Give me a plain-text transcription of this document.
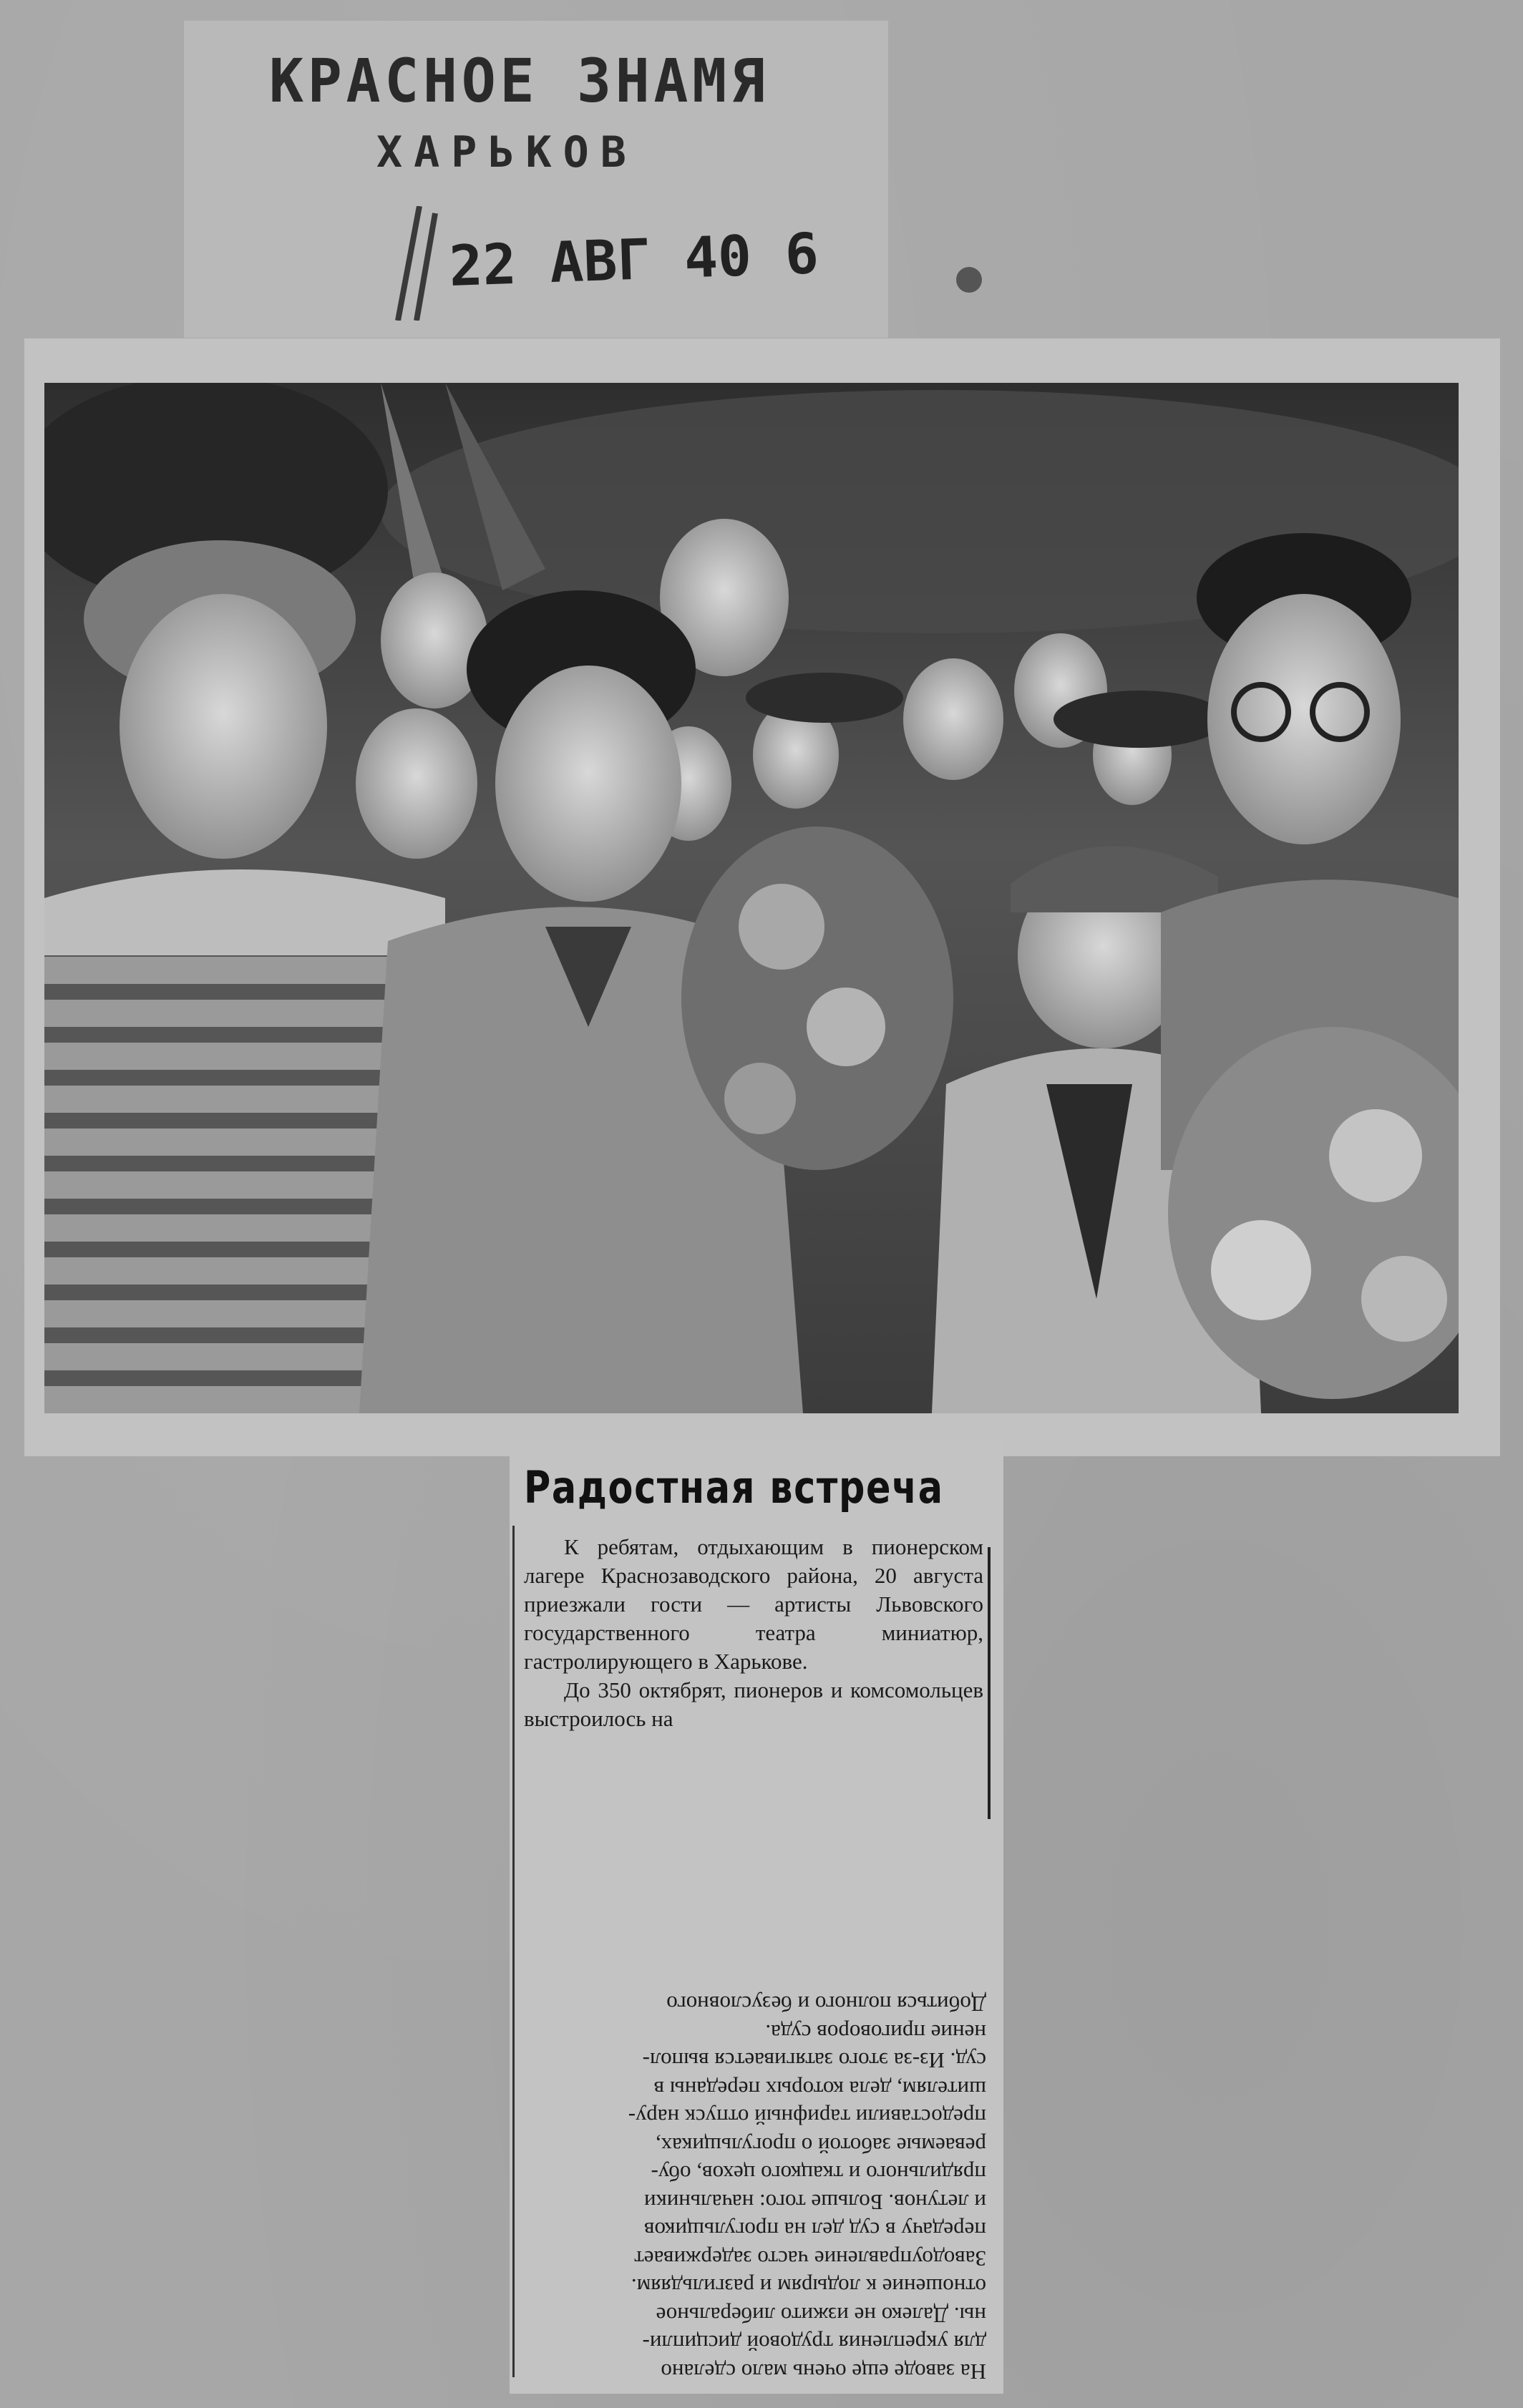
КРАСНОЕ ЗНАМЯ
ХАРЬКОВ
22 АВГ 40 6
Радостная встреча

К ребятам, отдыхающим в пионерском лагере Краснозаводского района, 20 августа приезжали гости — артисты Львовского государственного театра миниатюр, гастролирующего в Харькове.

До 350 октябрят, пионеров и комсомольцев выстроилось на

На заводе еще очень мало сделано
для укрепления трудовой дисципли-
ны. Далеко не изжито либеральное
отношение к лодырям и разгильдяям.
Заводоуправление часто задерживает
передачу в суд дел на прогульщиков
и летунов. Больше того: начальники
прядильного и ткацкого цехов, обу-
реваемые заботой о прогульщиках,
предоставили тарифный отпуск нару-
шителям, дела которых переданы в
суд. Из-за этого затягивается выпол-
нение приговоров суда.
Добиться полного и безусловного
